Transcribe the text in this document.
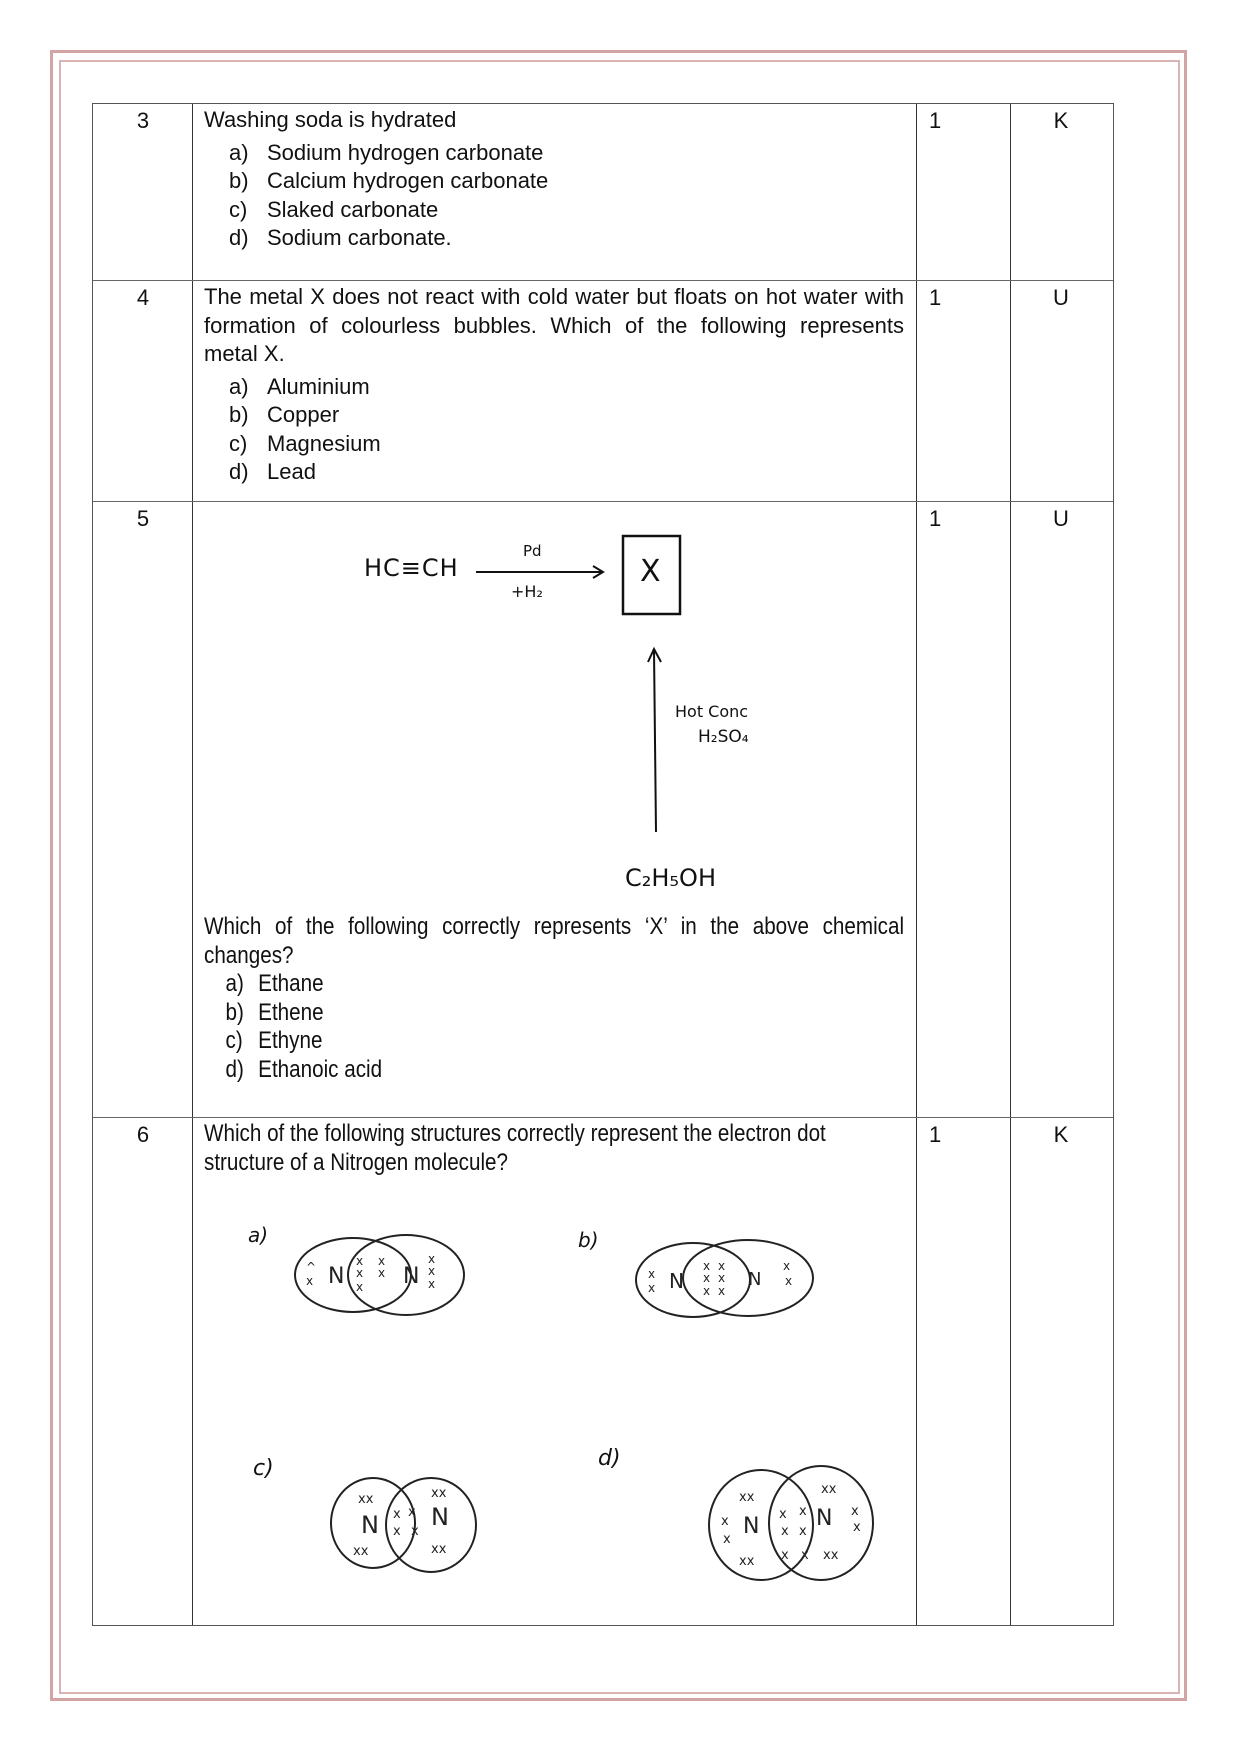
3	Washing soda is hydrated
a) Sodium hydrogen carbonate
b) Calcium hydrogen carbonate
c) Slaked carbonate
d) Sodium carbonate.
1	K
4	The metal X does not react with cold water but floats on hot water with formation of colourless bubbles. Which of the following represents metal X.
a) Aluminium
b) Copper
c) Magnesium
d) Lead
1	U
5
HC≡CH
Pd
+H₂
X
Hot Conc
H₂SO₄
C₂H₅OH
Which of the following correctly represents ‘X’ in the above chemical changes?
a) Ethane
b) Ethene
c) Ethyne
d) Ethanoic acid
1	U
6	Which of the following structures correctly represent the electron dot structure of a Nitrogen molecule?
1	K
a)
N	N
^
x
x
x
x
x
x
x
x
x
b)
N	N
x
x
x x
x x
x x
x
x
c)
N N
xx
xx
x x
x x
xx
xx
d)
N	N
xx
x
x
xx
x x
x x
x x
xx
x
x
xx
